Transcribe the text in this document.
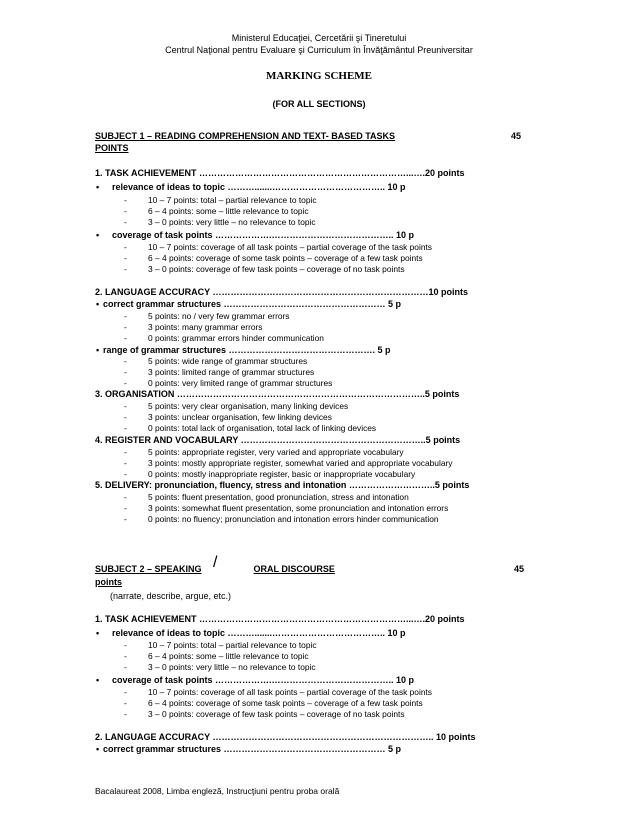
Ministerul Educaţiei, Cercetării şi Tineretului
Centrul Naţional pentru Evaluare şi Curriculum în Învăţământul Preuniversitar
MARKING SCHEME
(FOR ALL SECTIONS)
SUBJECT 1 – READING COMPREHENSION AND TEXT- BASED TASKS	45
POINTS
1. TASK ACHIEVEMENT ……………………………………………………………...….20 points
• relevance of ideas to topic ……….......……………………………….. 10 p
- 10 – 7 points: total – partial relevance to topic
- 6 – 4 points: some – little relevance to topic
- 3 – 0 points: very little – no relevance to topic
• coverage of task points ……………….………………………………….. 10 p
- 10 – 7 points: coverage of all task points – partial coverage of the task points
- 6 – 4 points: coverage of some task points – coverage of a few task points
- 3 – 0 points: coverage of few task points – coverage of no task points
2. LANGUAGE ACCURACY ………………………………………………………………10 points
• correct grammar structures ……………………………………………… 5 p
- 5 points: no / very few grammar errors
- 3 points: many grammar errors
- 0 points: grammar errors hinder communication
• range of grammar structures …………………………………………. 5 p
- 5 points: wide range of grammar structures
- 3 points: limited range of grammar structures
- 0 points: very limited range of grammar structures
3. ORGANISATION ………………………………………………………………………..5 points
- 5 points: very clear organisation, many linking devices
- 3 points: unclear organisation, few linking devices
- 0 points: total lack of organisation, total lack of linking devices
4. REGISTER AND VOCABULARY ……………………………………………………..5 points
- 5 points: appropriate register, very varied and appropriate vocabulary
- 3 points: mostly appropriate register, somewhat varied and appropriate vocabulary
- 0 points: mostly inappropriate register, basic or inappropriate vocabulary
5. DELIVERY: pronunciation, fluency, stress and intonation ………………………..5 points
- 5 points: fluent presentation, good pronunciation, stress and intonation
- 3 points: somewhat fluent presentation, some pronunciation and intonation errors
- 0 points: no fluency; pronunciation and intonation errors hinder communication
SUBJECT 2 – SPEAKING	ORAL DISCOURSE
/	45
points
(narrate, describe, argue, etc.)
1. TASK ACHIEVEMENT ……………………………………………………………...….20 points
• relevance of ideas to topic ……….......……………………………….. 10 p
- 10 – 7 points: total – partial relevance to topic
- 6 – 4 points: some – little relevance to topic
- 3 – 0 points: very little – no relevance to topic
• coverage of task points ……………….………………………………….. 10 p
- 10 – 7 points: coverage of all task points – partial coverage of the task points
- 6 – 4 points: coverage of some task points – coverage of a few task points
- 3 – 0 points: coverage of few task points – coverage of no task points
2. LANGUAGE ACCURACY ……………………………………………………………….. 10 points
• correct grammar structures ……………………………………………… 5 p
Bacalaureat 2008, Limba engleză, Instrucţiuni pentru proba orală
